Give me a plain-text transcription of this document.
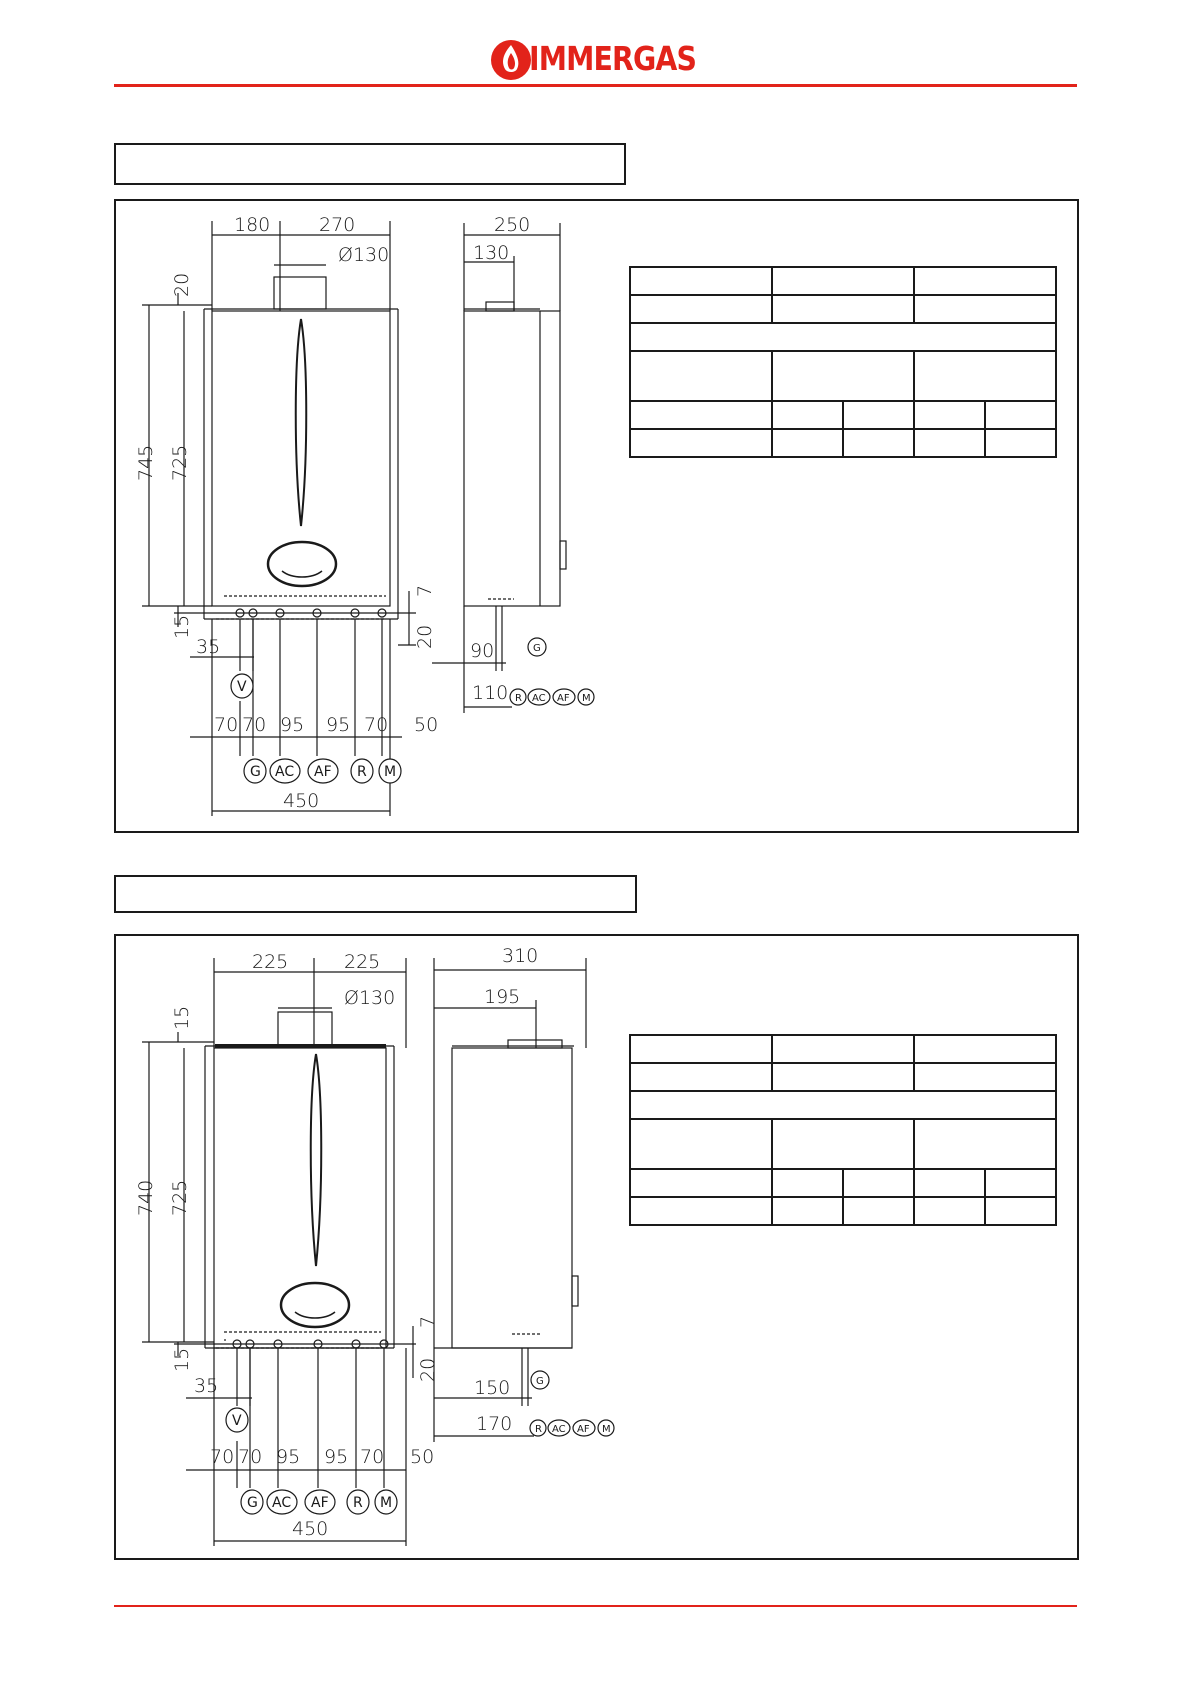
IMMERGAS
180	270
Ø130
20
745 725
15
7
20
35
70 70 95 95 70 50
450
250
130
90
110
V
G AC AF R M
G
R AC AF M

225	225
Ø130
15
740 725
15
7
20
35
70 70 95 95 70 50
450
310
195
150
170
V
G AC AF R M
G
R AC AF M
